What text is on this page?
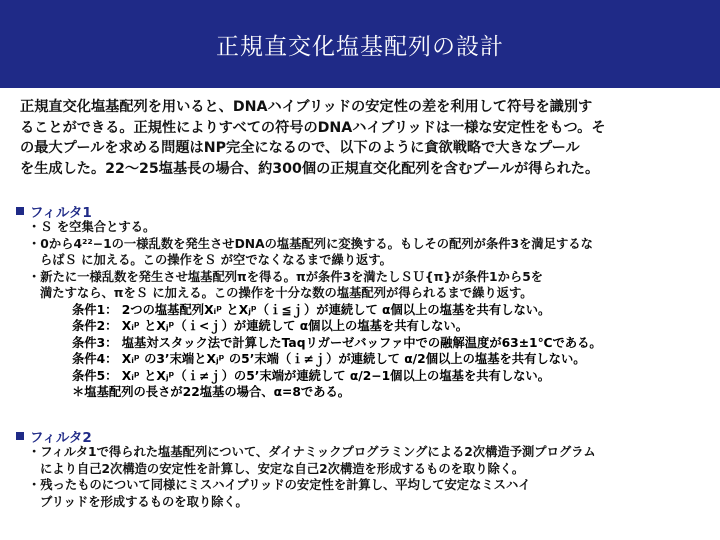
正規直交化塩基配列の設計
正規直交化塩基配列を用いると、DNAハイブリッドの安定性の差を利用して符号を識別す
ることができる。正規性によりすべての符号のDNAハイブリッドは一様な安定性をもつ。そ
の最大プールを求める問題はNP完全になるので、以下のように貪欲戦略で大きなプール
を生成した。22～25塩基長の場合、約300個の正規直交化配列を含むプールが得られた。
フィルタ1
・Ｓ を空集合とする。
・0から4²²−1の一様乱数を発生させDNAの塩基配列に変換する。もしその配列が条件3を満足するな
らばＳ に加える。この操作をＳ が空でなくなるまで繰り返す。
・新たに一様乱数を発生させ塩基配列πを得る。πが条件3を満たしＳＵ{π}が条件1から5を
満たすなら、πをＳ に加える。この操作を十分な数の塩基配列が得られるまで繰り返す。
条件1： 2つの塩基配列Xᵢᵖ とXⱼᵖ（ｉ≦ｊ）が連続して α個以上の塩基を共有しない。
条件2： Xᵢᵖ とXⱼᵖ（ｉ<ｊ）が連続して α個以上の塩基を共有しない。
条件3： 塩基対スタック法で計算したTaqリガーゼバッファ中での融解温度が63±1℃である。
条件4： Xᵢᵖ の3’末端とXⱼᵖ の5’末端（ｉ≠ｊ）が連続して α/2個以上の塩基を共有しない。
条件5： Xᵢᵖ とXⱼᵖ（ｉ≠ｊ）の5’末端が連続して α/2−1個以上の塩基を共有しない。
＊塩基配列の長さが22塩基の場合、α=8である。
フィルタ2
・フィルタ1で得られた塩基配列について、ダイナミックプログラミングによる2次構造予測プログラム
により自己2次構造の安定性を計算し、安定な自己2次構造を形成するものを取り除く。
・残ったものについて同様にミスハイブリッドの安定性を計算し、平均して安定なミスハイ
ブリッドを形成するものを取り除く。
